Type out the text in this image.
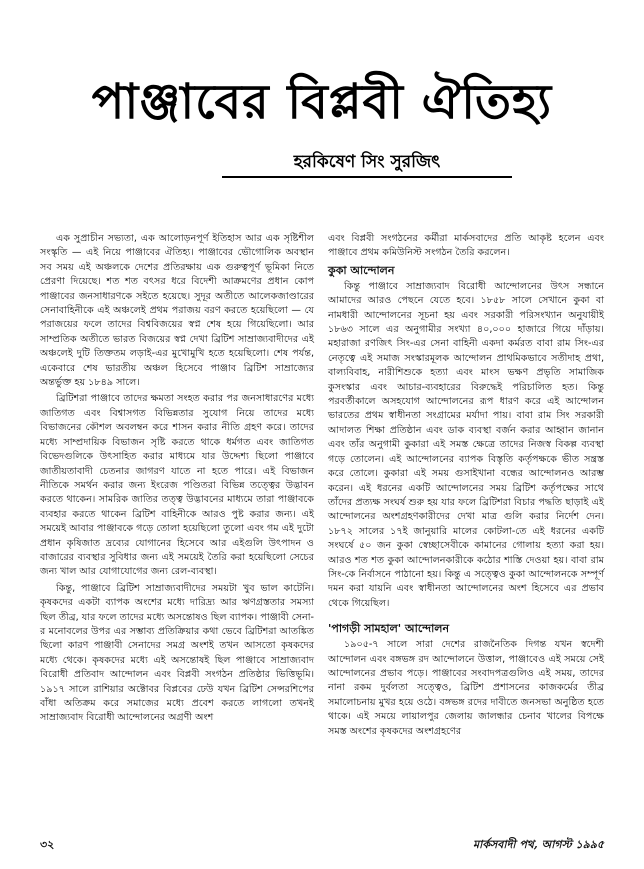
পাঞ্জাবের বিপ্লবী ঐতিহ্য
হরকিষেণ সিং সুরজিৎ

এক সুপ্রাচীন সভ্যতা, এক আলোড়নপূর্ণ ইতিহাস আর এক সৃষ্টিশীল সংস্কৃতি — এই নিয়ে পাঞ্জাবের ঐতিহ্য। পাঞ্জাবের ভৌগোলিক অবস্থান সব সময় এই অঞ্চলকে দেশের প্রতিরক্ষায় এক গুরুত্বপূর্ণ ভূমিকা নিতে প্রেরণা দিয়েছে। শত শত বৎসর ধরে বিদেশী আক্রমণের প্রধান কোপ পাঞ্জাবের জনসাধারণকে সইতে হয়েছে। সুদূর অতীতে আলেকজাণ্ডারের সেনাবাহিনীকে এই অঞ্চলেই প্রথম পরাজয় বরণ করতে হয়েছিলো — যে পরাজয়ের ফলে তাদের বিশ্ববিজয়ের স্বপ্ন শেষ হয়ে গিয়েছিলো। আর সাম্প্রতিক অতীতে ভারত বিজয়ের স্বপ্ন দেখা ব্রিটিশ সাম্রাজ্যবাদীদের এই অঞ্চলেই দুটি তিক্ততম লড়াই-এর মুখোমুখি হতে হয়েছিলো। শেষ পর্যন্ত, একেবারে শেষ ভারতীয় অঞ্চল হিসেবে পাঞ্জাব ব্রিটিশ সাম্রাজ্যের অন্তর্ভুক্ত হয় ১৮৪৯ সালে।

ব্রিটিশরা পাঞ্জাবে তাদের ক্ষমতা সংহত করার পর জনসাধারণের মধ্যে জাতিগত এবং বিশ্বাসগত বিভিন্নতার সুযোগ নিয়ে তাদের মধ্যে বিভাজনের কৌশল অবলম্বন করে শাসন করার নীতি গ্রহণ করে। তাদের মধ্যে সাম্প্রদায়িক বিভাজন সৃষ্টি করতে থাকে ধর্মগত এবং জাতিগত বিভেদগুলিকে উৎসাহিত করার মাধ্যমে যার উদ্দেশ্য ছিলো পাঞ্জাবে জাতীয়তাবাদী চেতনার জাগরণ যাতে না হতে পারে। এই বিভাজন নীতিকে সমর্থন করার জন্য ইংরেজ পণ্ডিতরা বিভিন্ন তত্ত্বের উদ্ভাবন করতে থাকেন। সামরিক জাতির তত্ত্ব উদ্ভাবনের মাধ্যমে তারা পাঞ্জাবকে ব্যবহার করতে থাকেন ব্রিটিশ বাহিনীকে আরও পুষ্ট করার জন্য। এই সময়েই আবার পাঞ্জাবকে গড়ে তোলা হয়েছিলো তুলো এবং গম এই দুটো প্রধান কৃষিজাত দ্রব্যের যোগানের হিসেবে আর এইগুলি উৎপাদন ও বাজারের ব্যবস্থার সুবিধার জন্য এই সময়েই তৈরি করা হয়েছিলো সেচের জন্য খাল আর যোগাযোগের জন্য রেল-ব্যবস্থা।

কিন্তু, পাঞ্জাবে ব্রিটিশ সাম্রাজ্যবাদীদের সময়টা খুব ভাল কাটেনি। কৃষকদের একটা ব্যাপক অংশের মধ্যে দারিদ্র্য আর ঋণগ্রস্ততার সমস্যা ছিল তীব্র, যার ফলে তাদের মধ্যে অসন্তোষও ছিল ব্যাপক। পাঞ্জাবী সেনা-র মনোবলের উপর এর সম্ভাব্য প্রতিক্রিয়ার কথা ভেবে ব্রিটিশরা আতঙ্কিত ছিলো কারণ পাঞ্জাবী সেনাদের সমগ্র অংশই তখন আসতো কৃষকদের মধ্যে থেকে। কৃষকদের মধ্যে এই অসন্তোষই ছিল পাঞ্জাবে সাম্রাজ্যবাদ বিরোধী প্রতিবাদ আন্দোলন এবং বিপ্লবী সংগঠন প্রতিষ্ঠার ভিত্তিভূমি। ১৯১৭ সালে রাশিয়ার অক্টোবর বিপ্লবের ঢেউ যখন ব্রিটিশ সেন্সরশিপের বাঁধা অতিক্রম করে সমাজের মধ্যে প্রবেশ করতে লাগলো তখনই সাম্রাজ্যবাদ বিরোধী আন্দোলনের অগ্রণী অংশ

এবং বিপ্লবী সংগঠনের কর্মীরা মার্কসবাদের প্রতি আকৃষ্ট হলেন এবং পাঞ্জাবে প্রথম কমিউনিস্ট সংগঠন তৈরি করলেন।

কুকা আন্দোলন

কিন্তু পাঞ্জাবে সাম্রাজ্যবাদ বিরোধী আন্দোলনের উৎস সন্ধানে আমাদের আরও পেছনে যেতে হবে। ১৮৫৮ সালে সেখানে কুকা বা নামধারী আন্দোলনের সূচনা হয় এবং সরকারী পরিসংখ্যান অনুযায়ীই ১৮৬৩ সালে এর অনুগামীর সংখ্যা ৪০,০০০ হাজারে গিয়ে দাঁড়ায়। মহারাজা রণজিৎ সিং-এর সেনা বাহিনী একদা কর্মরত বাবা রাম সিং-এর নেতৃত্বে এই সমাজ সংস্কারমূলক আন্দোলন প্রাথমিকভাবে সতীদাহ প্রথা, বাল্যবিবাহ, নারীশিশুকে হত্যা এবং মাংস ভক্ষণ প্রভৃতি সামাজিক কুসংস্কার এবং আচার-ব্যবহারের বিরুদ্ধেই পরিচালিত হত। কিন্তু পরবর্তীকালে অসহযোগ আন্দোলনের রূপ ধারণ করে এই আন্দোলন ভারতের প্রথম স্বাধীনতা সংগ্রামের মর্যাদা পায়। বাবা রাম সিং সরকারী আদালত শিক্ষা প্রতিষ্ঠান এবং ডাক ব্যবস্থা বর্জন করার আহ্বান জানান এবং তাঁর অনুগামী কুকারা এই সমস্ত ক্ষেত্রে তাদের নিজস্ব বিকল্প ব্যবস্থা গড়ে তোলেন। এই আন্দোলনের ব্যাপক বিস্তৃতি কর্তৃপক্ষকে ভীত সন্ত্রস্ত করে তোলে। কুকারা এই সময় গুসাইখানা বন্ধের আন্দোলনও আরম্ভ করেন। এই ধরনের একটি আন্দোলনের সময় ব্রিটিশ কর্তৃপক্ষের সাথে তাঁদের প্রত্যক্ষ সংঘর্ষ শুরু হয় যার ফলে ব্রিটিশরা বিচার পদ্ধতি ছাড়াই এই আন্দোলনের অংশগ্রহণকারীদের দেখা মাত্র গুলি করার নির্দেশ দেন। ১৮৭২ সালের ১৭ই জানুয়ারি মালের কোটলা-তে এই ধরনের একটি সংঘর্ষে ৫০ জন কুকা স্বেচ্ছাসেবীকে কামানের গোলায় হত্যা করা হয়। আরও শত শত কুকা আন্দোলনকারীকে কঠোর শাস্তি দেওয়া হয়। বাবা রাম সিং-কে নির্বাসনে পাঠানো হয়। কিন্তু এ সত্ত্বেও কুকা আন্দোলনকে সম্পূর্ণ দমন করা যায়নি এবং স্বাধীনতা আন্দোলনের অংশ হিসেবে এর প্রভাব থেকে গিয়েছিল।

'পাগড়ী সামহাল' আন্দোলন

১৯০৫-৭ সালে সারা দেশের রাজনৈতিক দিগন্ত যখন স্বদেশী আন্দোলন এবং বঙ্গভঙ্গ রদ আন্দোলনে উত্তাল, পাঞ্জাবেও এই সময়ে সেই আন্দোলনের প্রভাব পড়ে। পাঞ্জাবের সংবাদপত্রগুলিও এই সময়, তাদের নানা রকম দুর্বলতা সত্ত্বেও, ব্রিটিশ প্রশাসনের কাজকর্মের তীব্র সমালোচনায় মুখর হয়ে ওঠে। বঙ্গভঙ্গ রদের দাবীতে জনসভা অনুষ্ঠিত হতে থাকে। এই সময়ে লায়ালপুর জেলায় জালন্ধার চেনাব খালের বিপক্ষে সমস্ত অংশের কৃষকদের অংশগ্রহণের

৩২	মার্কসবাদী পথ, আগস্ট ১৯৯৫
